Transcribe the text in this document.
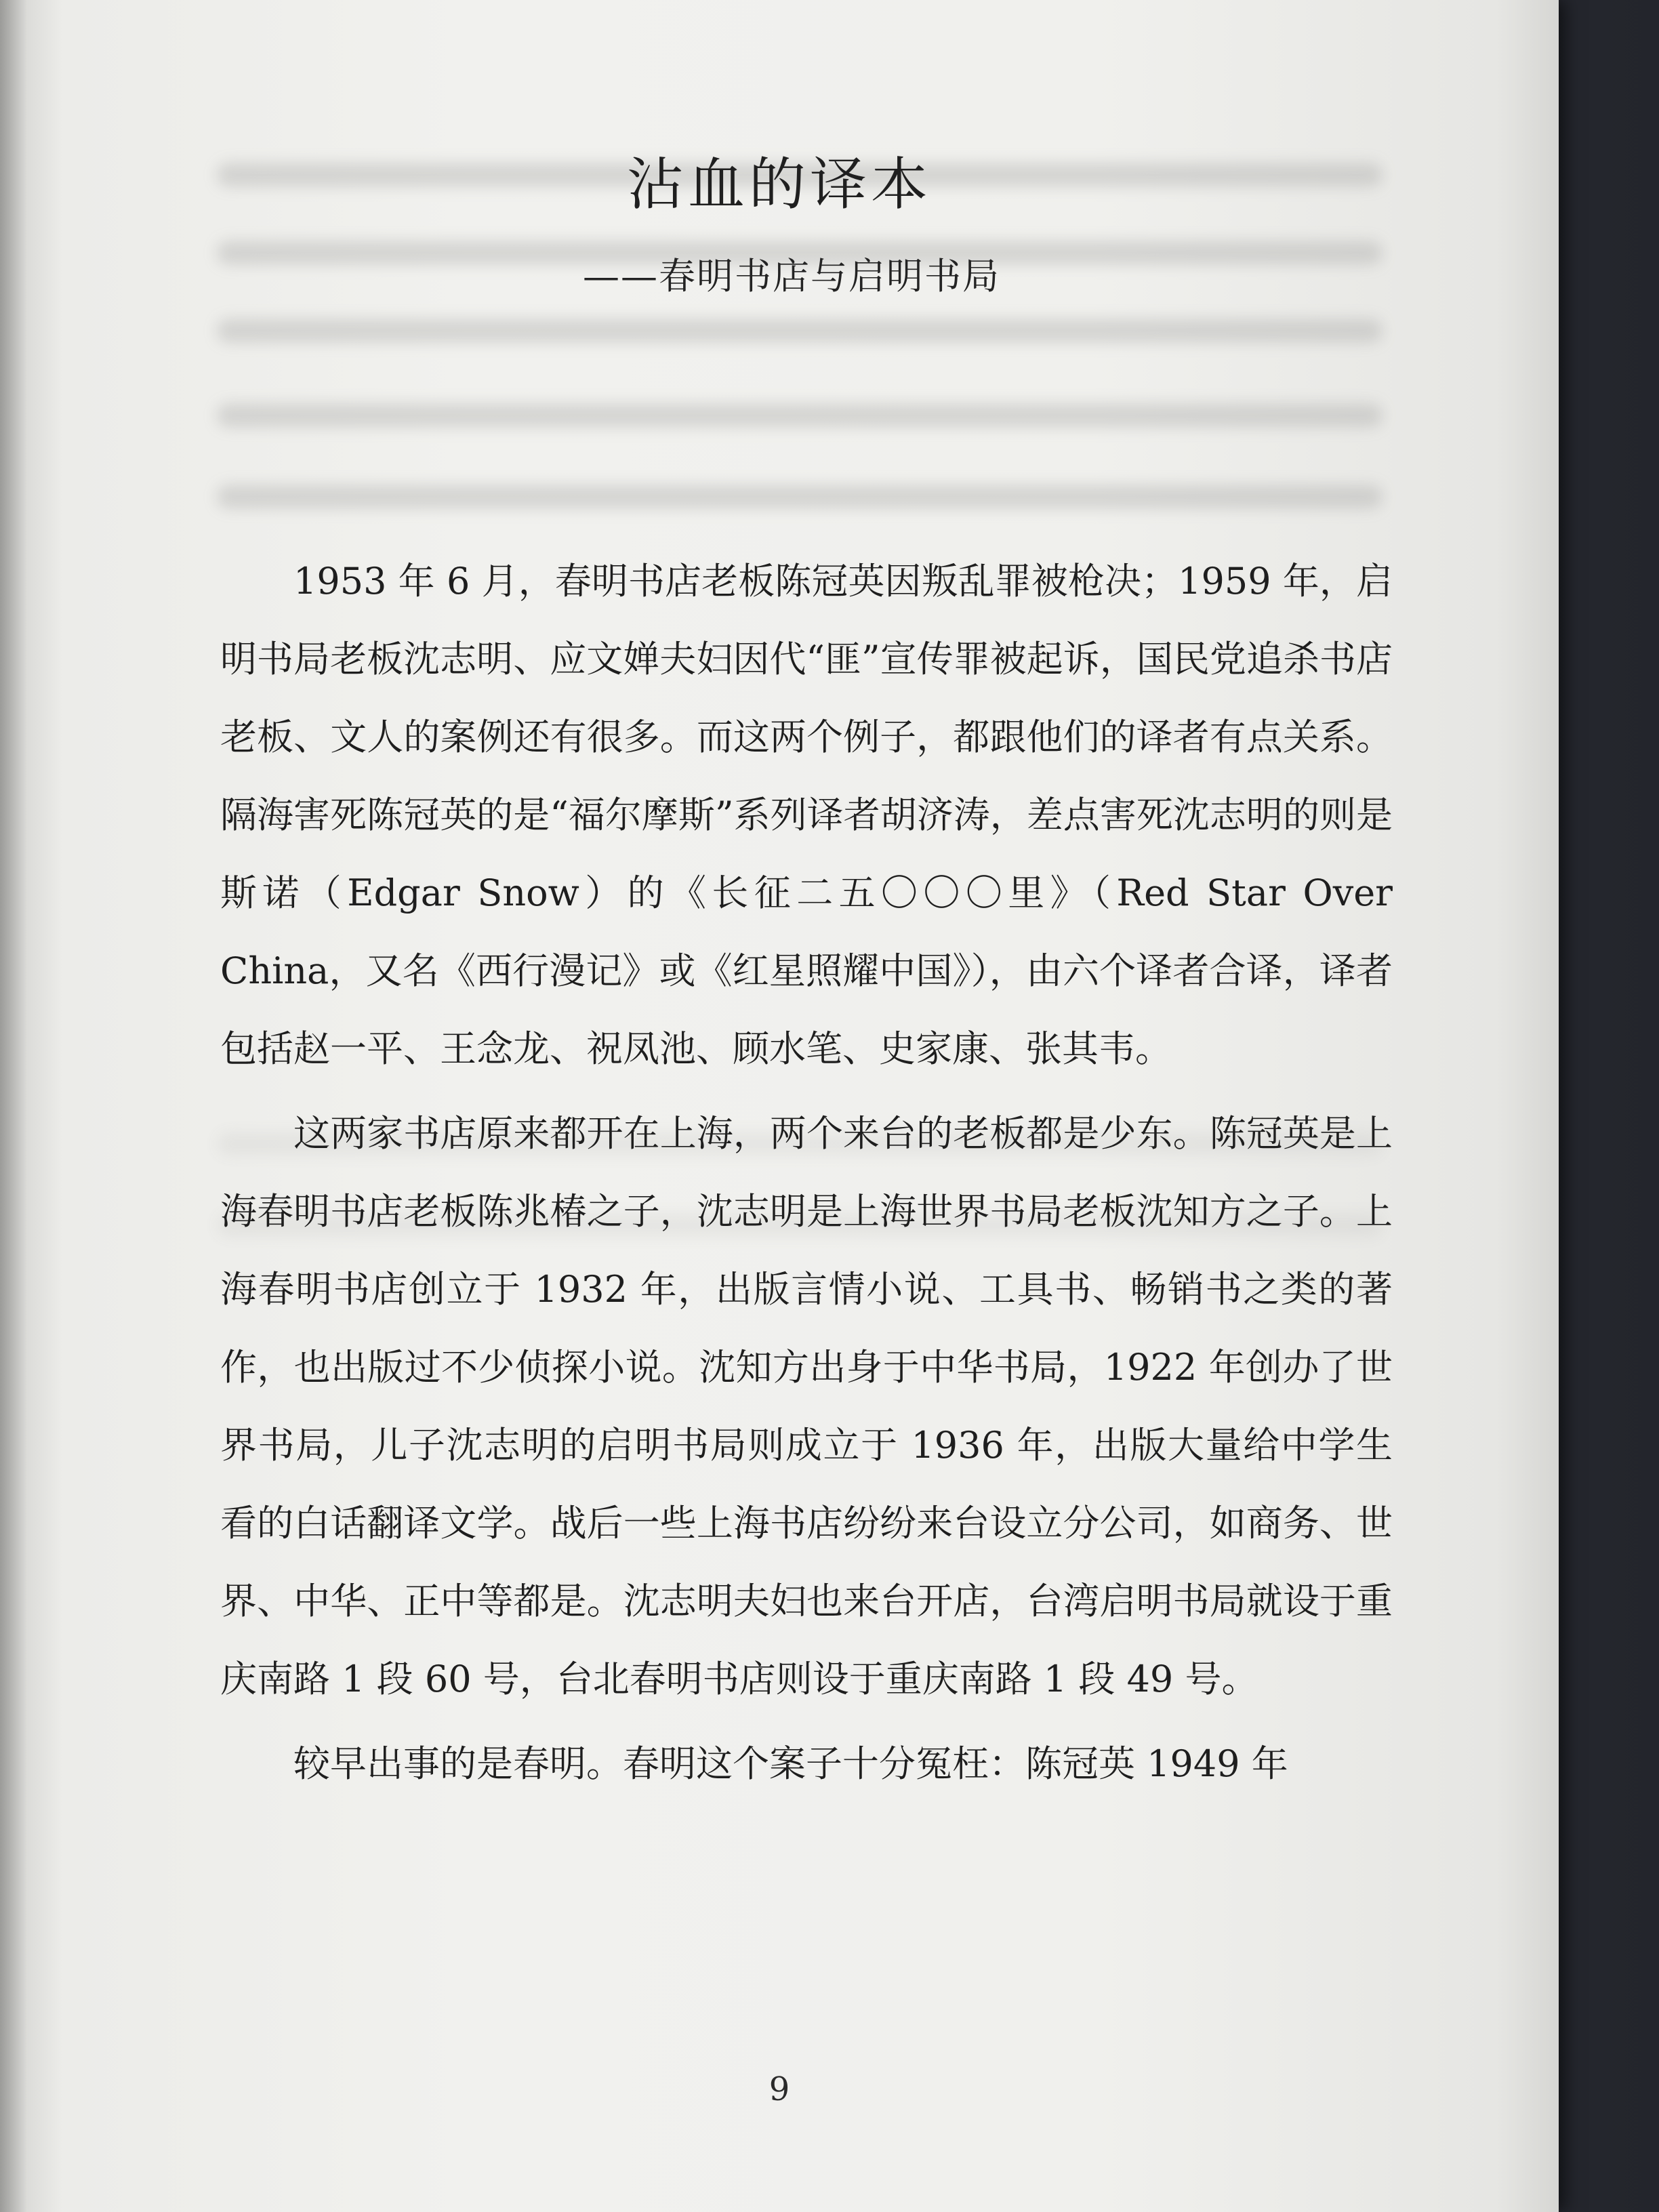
沾血的译本
——春明书店与启明书局

1953 年 6 月，春明书店老板陈冠英因叛乱罪被枪决；1959 年，启明书局老板沈志明、应文婵夫妇因代“匪”宣传罪被起诉，国民党追杀书店老板、文人的案例还有很多。而这两个例子，都跟他们的译者有点关系。隔海害死陈冠英的是“福尔摩斯”系列译者胡济涛，差点害死沈志明的则是斯诺（Edgar Snow）的《长征二五〇〇〇里》（Red Star Over China，又名《西行漫记》或《红星照耀中国》），由六个译者合译，译者包括赵一平、王念龙、祝凤池、顾水笔、史家康、张其韦。

这两家书店原来都开在上海，两个来台的老板都是少东。陈冠英是上海春明书店老板陈兆椿之子，沈志明是上海世界书局老板沈知方之子。上海春明书店创立于 1932 年，出版言情小说、工具书、畅销书之类的著作，也出版过不少侦探小说。沈知方出身于中华书局，1922 年创办了世界书局，儿子沈志明的启明书局则成立于 1936 年，出版大量给中学生看的白话翻译文学。战后一些上海书店纷纷来台设立分公司，如商务、世界、中华、正中等都是。沈志明夫妇也来台开店，台湾启明书局就设于重庆南路 1 段 60 号，台北春明书店则设于重庆南路 1 段 49 号。

较早出事的是春明。春明这个案子十分冤枉：陈冠英 1949 年

9
